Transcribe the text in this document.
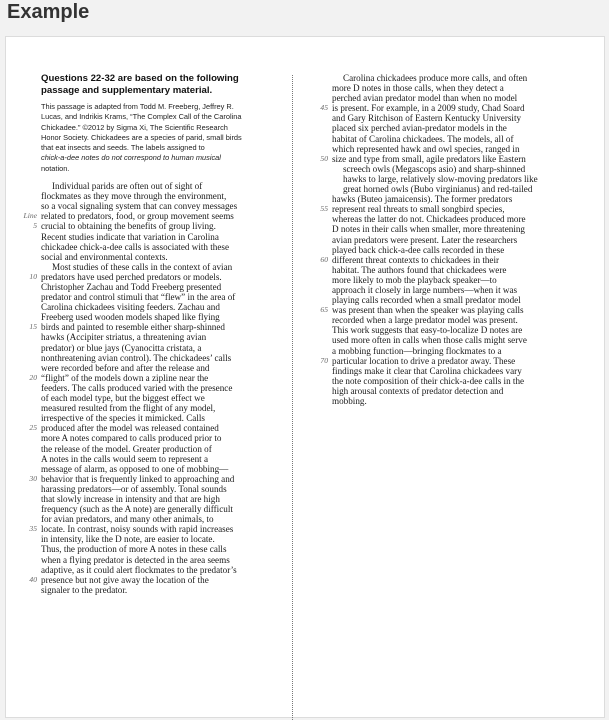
Example

Questions 22-32 are based on the following
passage and supplementary material.

This passage is adapted from Todd M. Freeberg, Jeffrey R.
Lucas, and Indrikis Krams, “The Complex Call of the Carolina
Chickadee.” ©2012 by Sigma Xi, The Scientific Research
Honor Society. Chickadees are a species of parid, small birds
that eat insects and seeds. The labels assigned to
chick-a-dee notes do not correspond to human musical
notation.

Individual parids are often out of sight of
flockmates as they move through the environment,
so a vocal signaling system that can convey messages
Line related to predators, food, or group movement seems
5 crucial to obtaining the benefits of group living.
Recent studies indicate that variation in Carolina
chickadee chick-a-dee calls is associated with these
social and environmental contexts.
Most studies of these calls in the context of avian
10 predators have used perched predators or models.
Christopher Zachau and Todd Freeberg presented
predator and control stimuli that “flew” in the area of
Carolina chickadees visiting feeders. Zachau and
Freeberg used wooden models shaped like flying
15 birds and painted to resemble either sharp-shinned
hawks (Accipiter striatus, a threatening avian
predator) or blue jays (Cyanocitta cristata, a
nonthreatening avian control). The chickadees’ calls
were recorded before and after the release and
20 “flight” of the models down a zipline near the
feeders. The calls produced varied with the presence
of each model type, but the biggest effect we
measured resulted from the flight of any model,
irrespective of the species it mimicked. Calls
25 produced after the model was released contained
more A notes compared to calls produced prior to
the release of the model. Greater production of
A notes in the calls would seem to represent a
message of alarm, as opposed to one of mobbing—
30 behavior that is frequently linked to approaching and
harassing predators—or of assembly. Tonal sounds
that slowly increase in intensity and that are high
frequency (such as the A note) are generally difficult
for avian predators, and many other animals, to
35 locate. In contrast, noisy sounds with rapid increases
in intensity, like the D note, are easier to locate.
Thus, the production of more A notes in these calls
when a flying predator is detected in the area seems
adaptive, as it could alert flockmates to the predator’s
40 presence but not give away the location of the
signaler to the predator.
Carolina chickadees produce more calls, and often
more D notes in those calls, when they detect a
perched avian predator model than when no model
45 is present. For example, in a 2009 study, Chad Soard
and Gary Ritchison of Eastern Kentucky University
placed six perched avian-predator models in the
habitat of Carolina chickadees. The models, all of
which represented hawk and owl species, ranged in
50 size and type from small, agile predators like Eastern
screech owls (Megascops asio) and sharp-shinned
hawks to large, relatively slow-moving predators like
great horned owls (Bubo virginianus) and red-tailed
hawks (Buteo jamaicensis). The former predators
55 represent real threats to small songbird species,
whereas the latter do not. Chickadees produced more
D notes in their calls when smaller, more threatening
avian predators were present. Later the researchers
played back chick-a-dee calls recorded in these
60 different threat contexts to chickadees in their
habitat. The authors found that chickadees were
more likely to mob the playback speaker—to
approach it closely in large numbers—when it was
playing calls recorded when a small predator model
65 was present than when the speaker was playing calls
recorded when a large predator model was present.
This work suggests that easy-to-localize D notes are
used more often in calls when those calls might serve
a mobbing function—bringing flockmates to a
70 particular location to drive a predator away. These
findings make it clear that Carolina chickadees vary
the note composition of their chick-a-dee calls in the
high arousal contexts of predator detection and
mobbing.
